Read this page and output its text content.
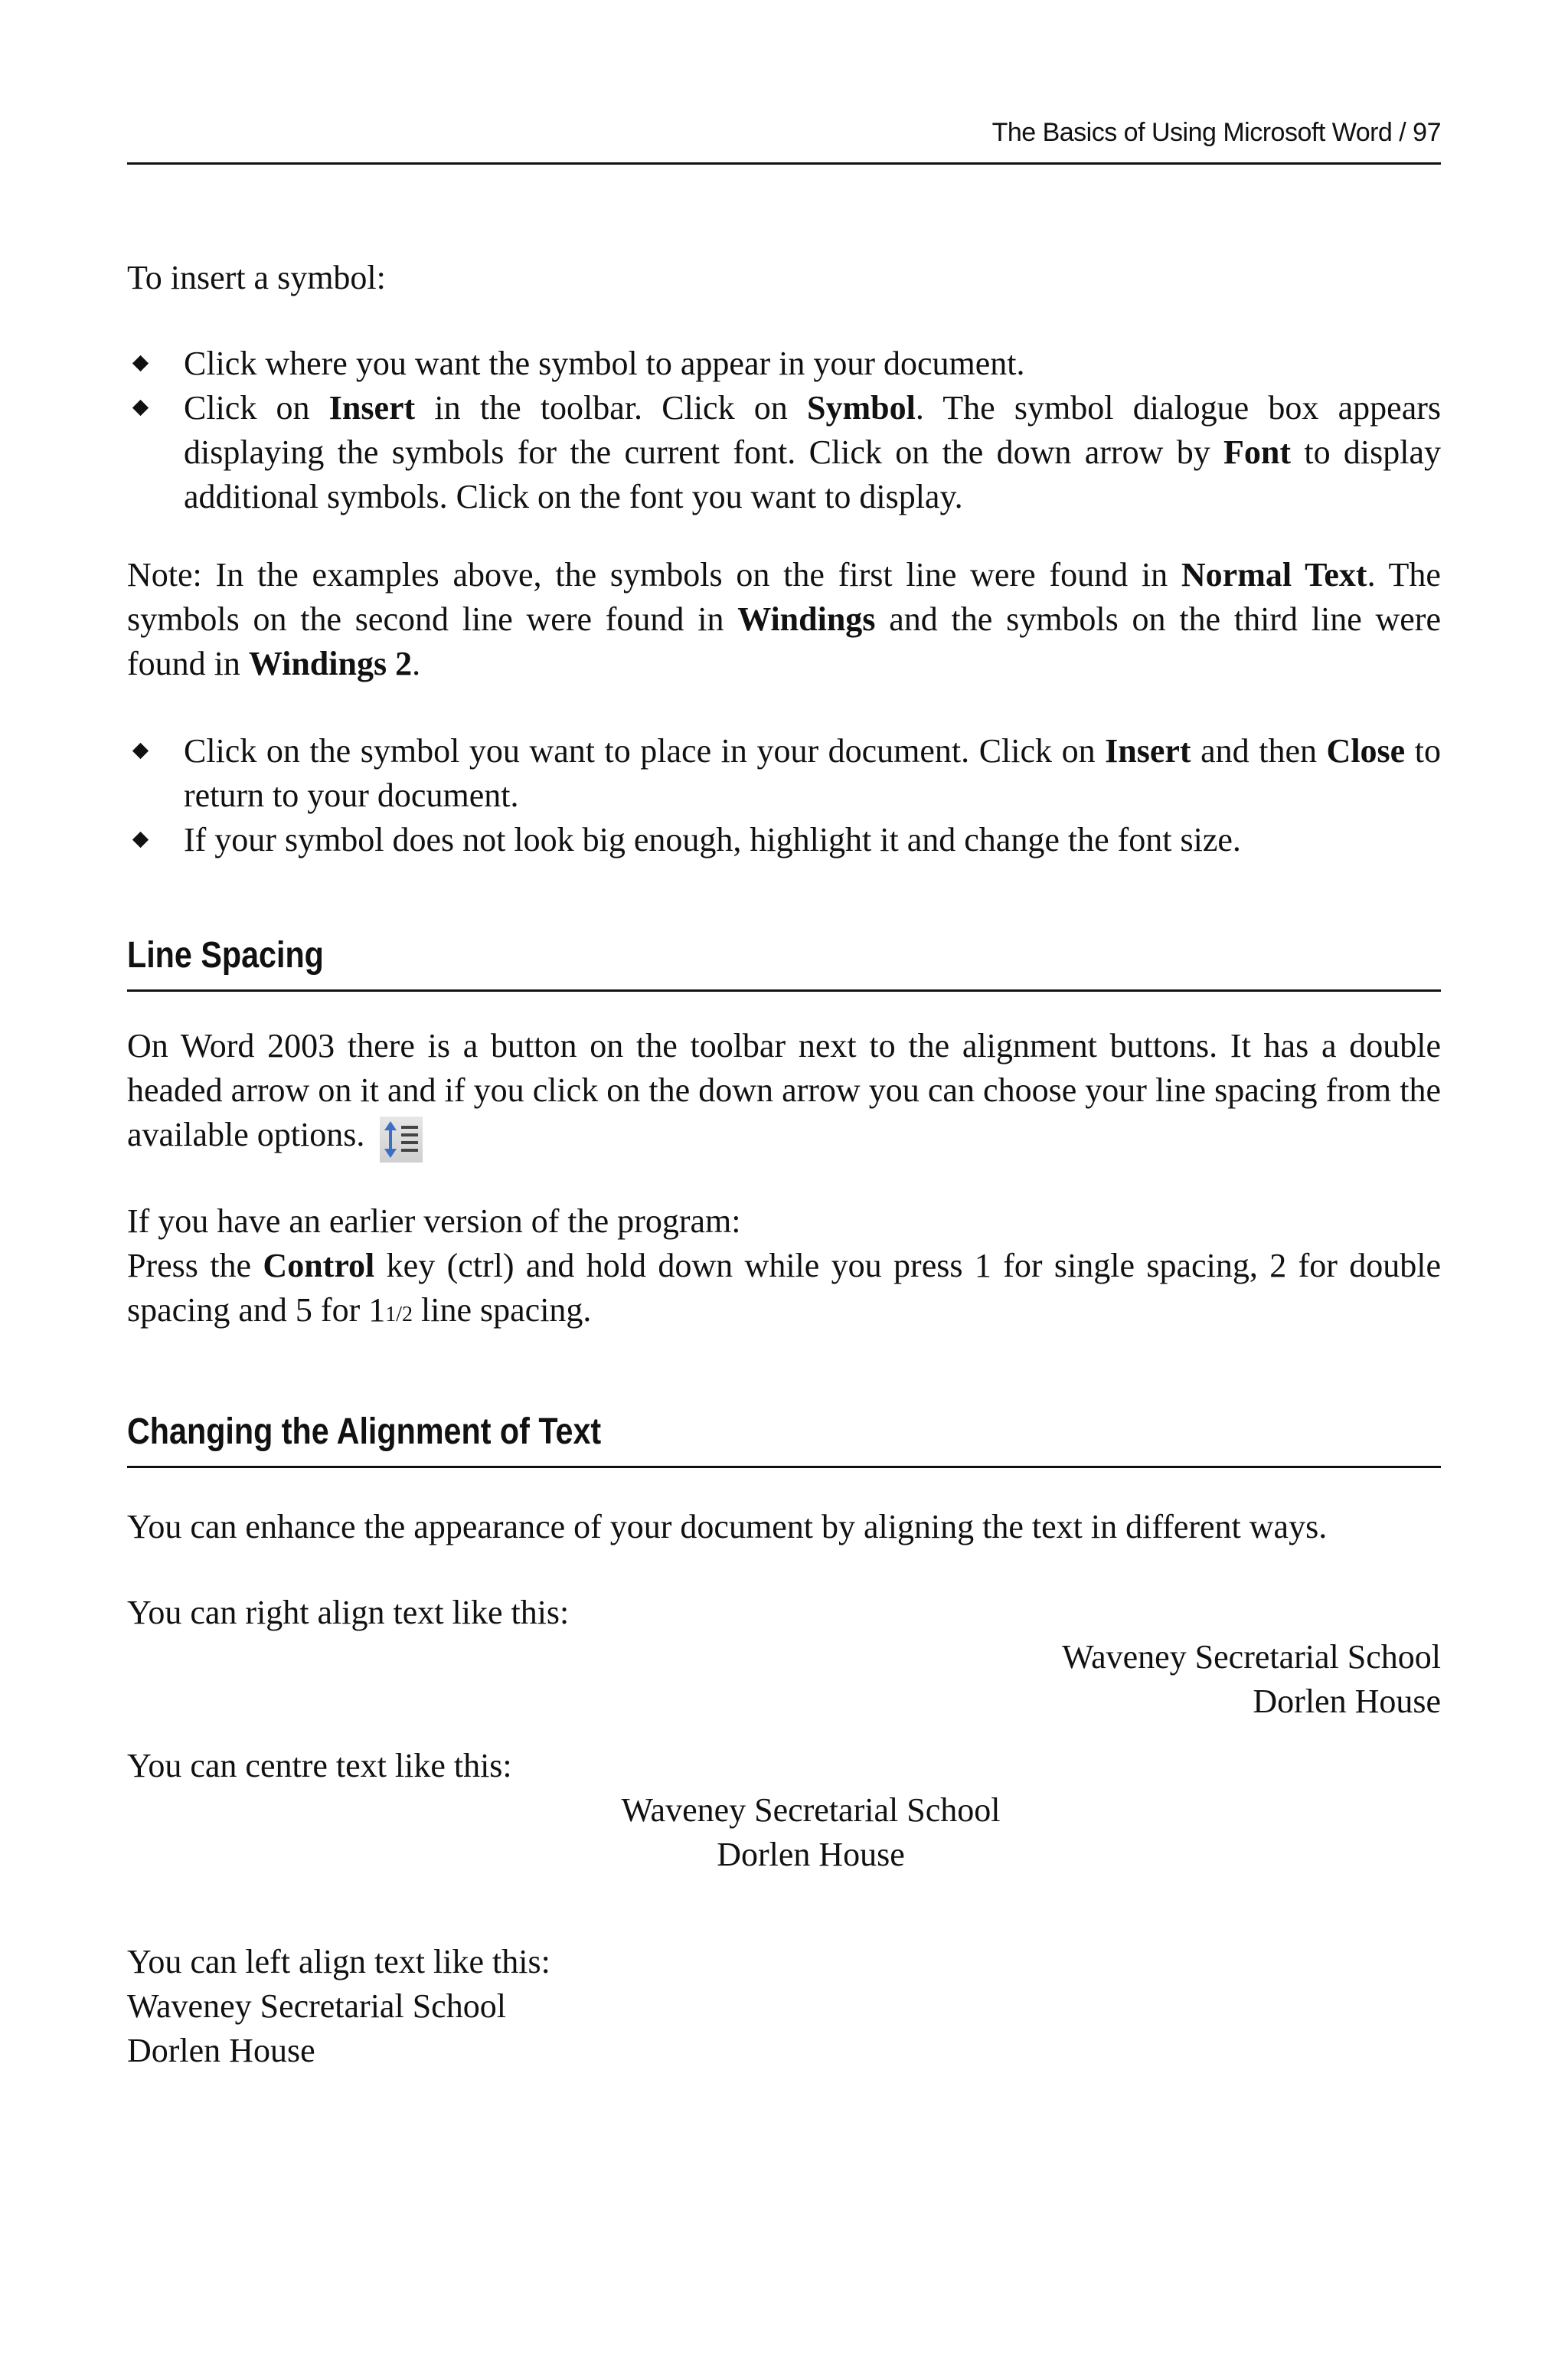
The Basics of Using Microsoft Word / 97

To insert a symbol:

Click where you want the symbol to appear in your document.
Click on Insert in the toolbar. Click on Symbol. The symbol dialogue box appears displaying the symbols for the current font. Click on the down arrow by Font to display additional symbols. Click on the font you want to display.

Note: In the examples above, the symbols on the first line were found in Normal Text. The symbols on the second line were found in Windings and the symbols on the third line were found in Windings 2.

Click on the symbol you want to place in your document. Click on Insert and then Close to return to your document.
If your symbol does not look big enough, highlight it and change the font size.
Line Spacing

On Word 2003 there is a button on the toolbar next to the alignment buttons. It has a double headed arrow on it and if you click on the down arrow you can choose your line spacing from the available options.

If you have an earlier version of the program:

Press the Control key (ctrl) and hold down while you press 1 for single spacing, 2 for double spacing and 5 for 11/2 line spacing.

Changing the Alignment of Text

You can enhance the appearance of your document by aligning the text in different ways.

You can right align text like this:

Waveney Secretarial School

Dorlen House

You can centre text like this:

Waveney Secretarial School

Dorlen House

You can left align text like this:

Waveney Secretarial School

Dorlen House
